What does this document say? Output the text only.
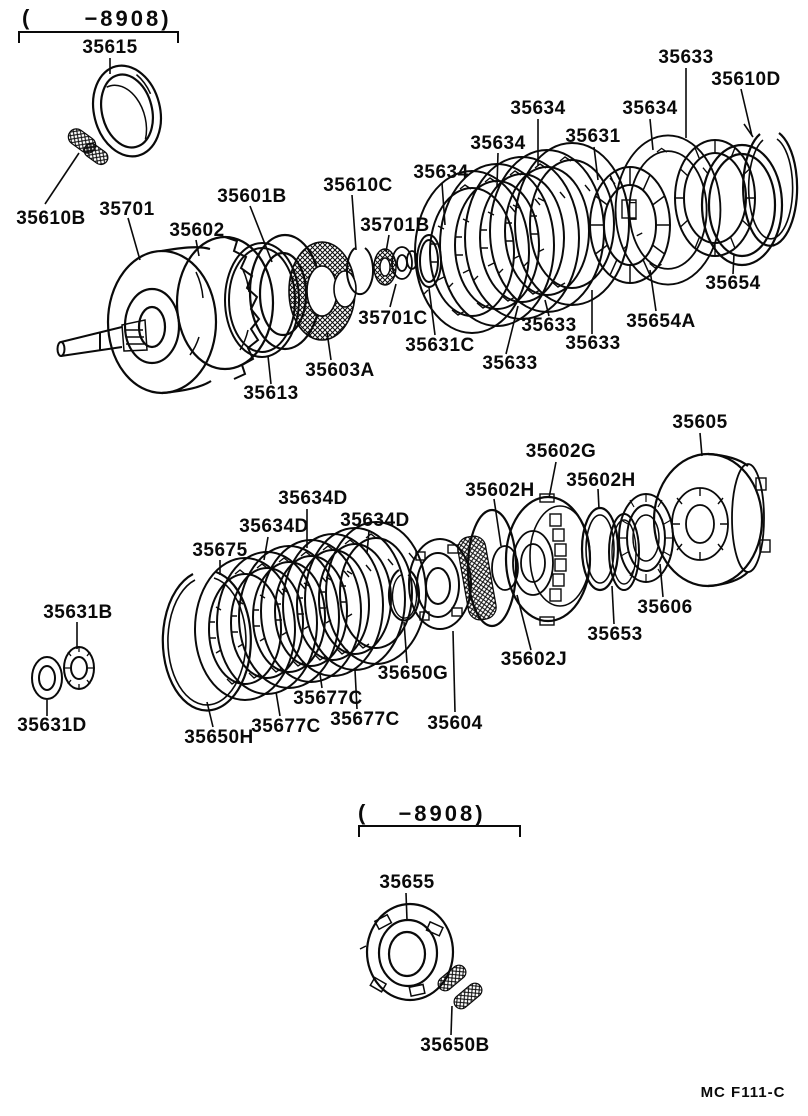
(	−8908)
( −8908)
35615
35610B 35701
35602
35601B
35610C
35701B
35701C
35631C
35603A
35613
35634
35634
35634
35631
35634
35633
35610D
35633
35633
35633
35654A
35654
35631B
35631D
35675
35634D
35634D
35634D
35650H
35677C
35677C
35677C
35650G
35604
35602G
35602H 35602H
35605
35606
35653
35602J
35655
35650B
MC F111-C
